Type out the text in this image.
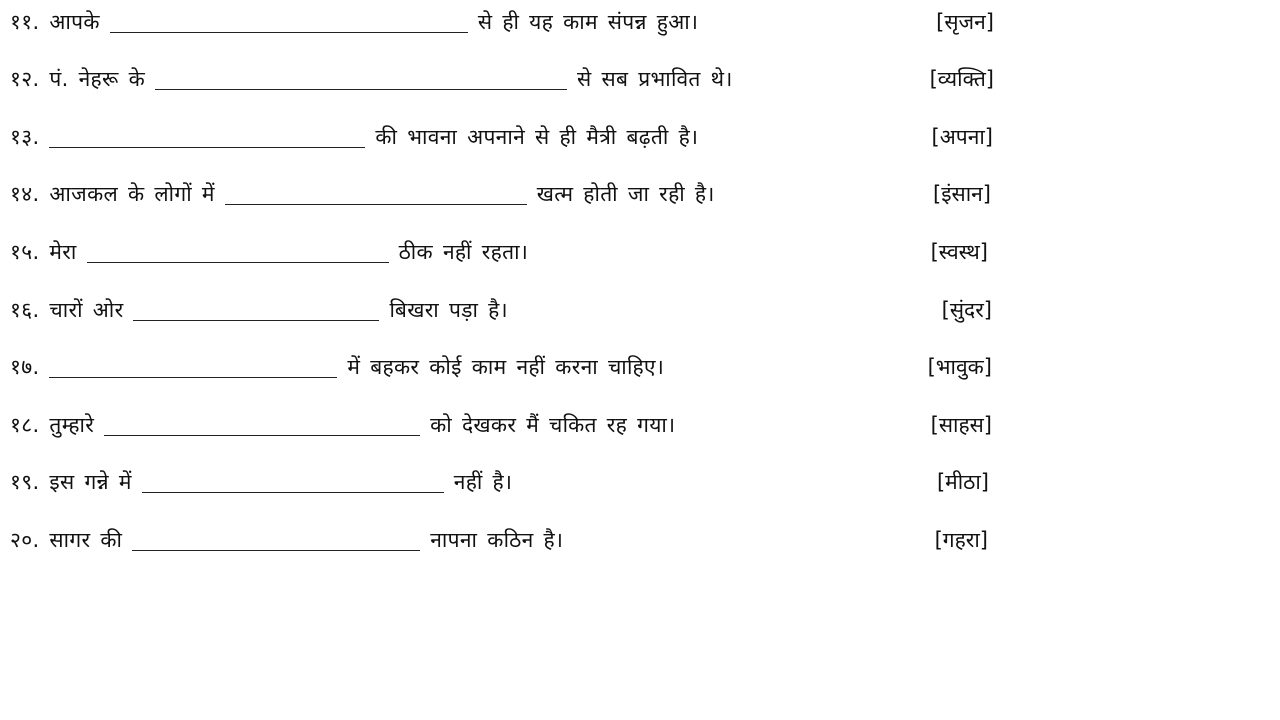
११. आपके	से ही यह काम संपन्न हुआ।	[सृजन]
१२. पं. नेहरू के	से सब प्रभावित थे।	[व्यक्ति]
१३.	की भावना अपनाने से ही मैत्री बढ़ती है।	[अपना]
१४. आजकल के लोगों में	खत्म होती जा रही है।	[इंसान]
१५. मेरा	ठीक नहीं रहता।	[स्वस्थ]
१६. चारों ओर	बिखरा पड़ा है।	[सुंदर]
१७.	में बहकर कोई काम नहीं करना चाहिए।	[भावुक]
१८. तुम्हारे	को देखकर मैं चकित रह गया।	[साहस]
१९. इस गन्ने में	नहीं है।	[मीठा]
२०. सागर की	नापना कठिन है।	[गहरा]
